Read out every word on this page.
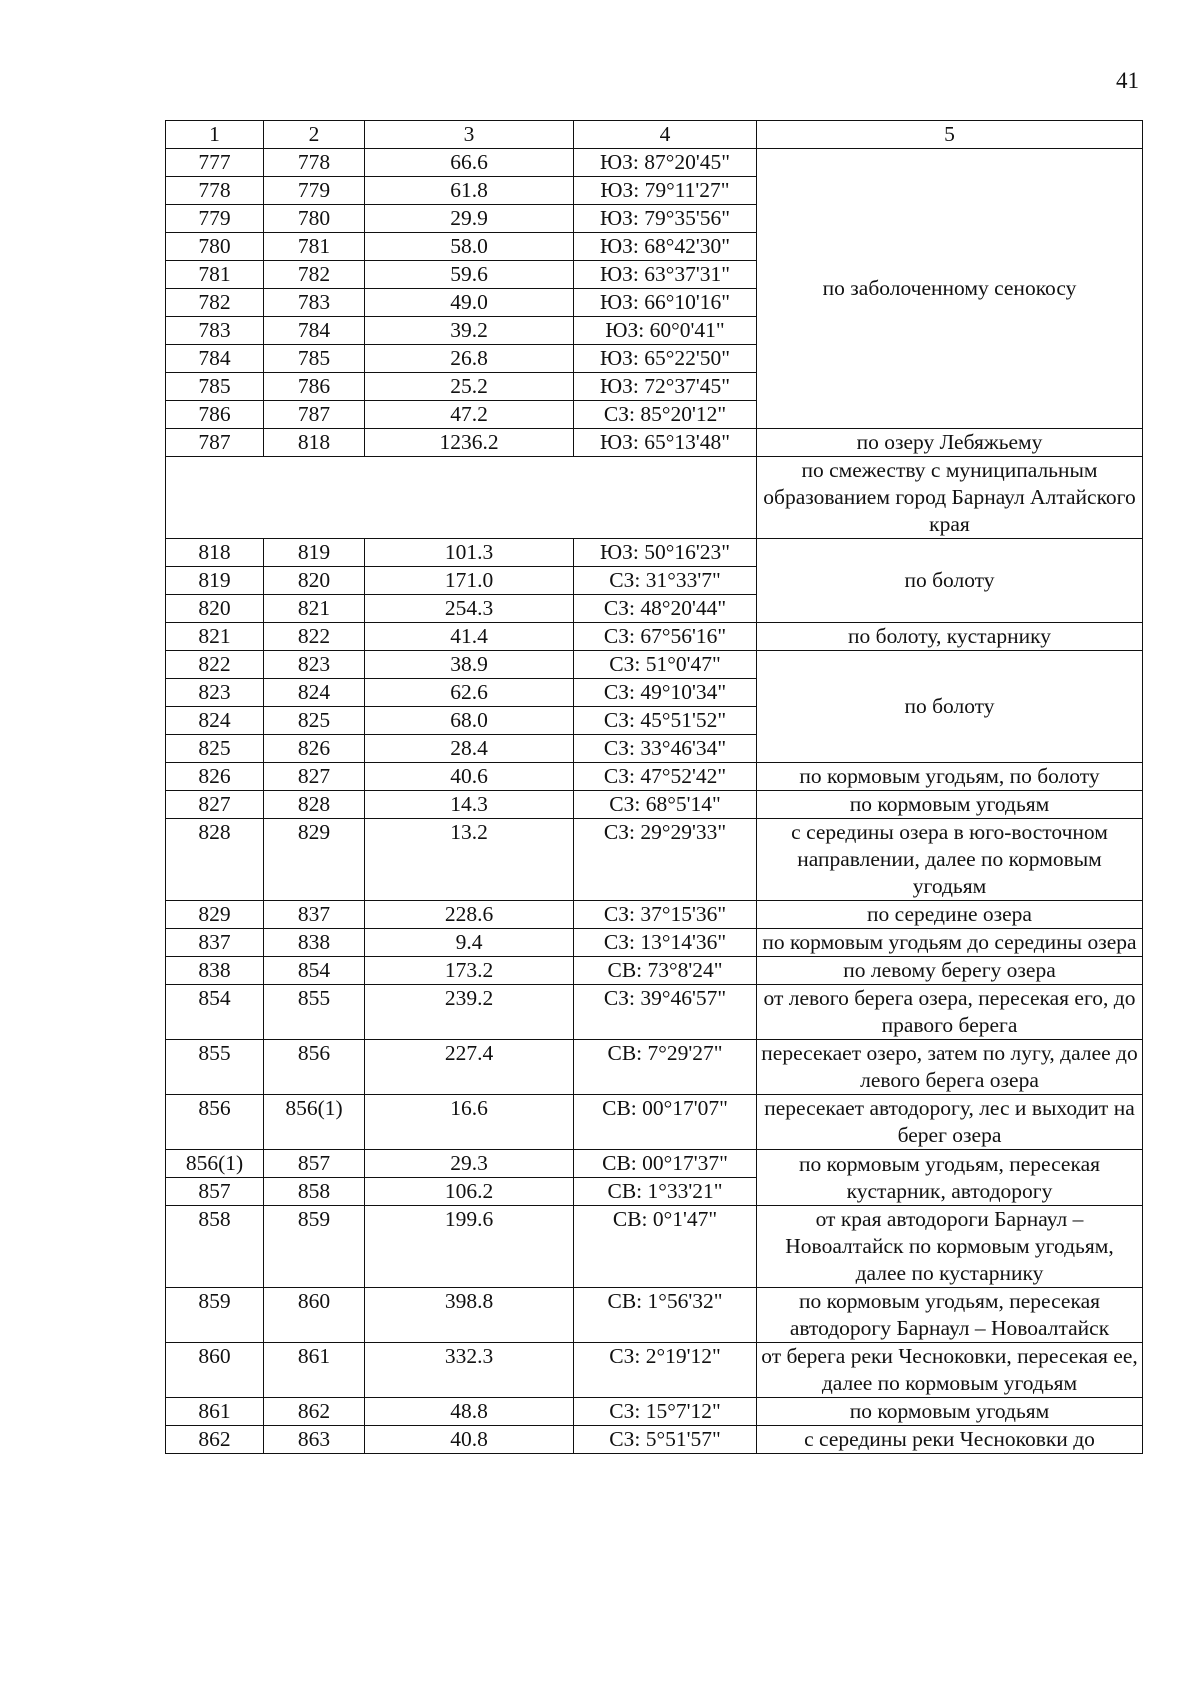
41
1	2	3	4	5
777	778	66.6	ЮЗ: 87°20'45"	по заболоченному сенокосу
778	779	61.8	ЮЗ: 79°11'27"	
779	780	29.9	ЮЗ: 79°35'56"	
780	781	58.0	ЮЗ: 68°42'30"	
781	782	59.6	ЮЗ: 63°37'31"	
782	783	49.0	ЮЗ: 66°10'16"	
783	784	39.2	ЮЗ: 60°0'41"	
784	785	26.8	ЮЗ: 65°22'50"	
785	786	25.2	ЮЗ: 72°37'45"	
786	787	47.2	СЗ: 85°20'12"	
787	818	1236.2	ЮЗ: 65°13'48"	по озеру Лебяжьему
				по смежеству с муниципальным образованием город Барнаул Алтайского края
818	819	101.3	ЮЗ: 50°16'23"	по болоту
819	820	171.0	СЗ: 31°33'7"	
820	821	254.3	СЗ: 48°20'44"	
821	822	41.4	СЗ: 67°56'16"	по болоту, кустарнику
822	823	38.9	СЗ: 51°0'47"	по болоту
823	824	62.6	СЗ: 49°10'34"	
824	825	68.0	СЗ: 45°51'52"	
825	826	28.4	СЗ: 33°46'34"	
826	827	40.6	СЗ: 47°52'42"	по кормовым угодьям, по болоту
827	828	14.3	СЗ: 68°5'14"	по кормовым угодьям
828	829	13.2	СЗ: 29°29'33"	с середины озера в юго-восточном направлении, далее по кормовым угодьям
829	837	228.6	СЗ: 37°15'36"	по середине озера
837	838	9.4	СЗ: 13°14'36"	по кормовым угодьям до середины озера
838	854	173.2	СВ: 73°8'24"	по левому берегу озера
854	855	239.2	СЗ: 39°46'57"	от левого берега озера, пересекая его, до правого берега
855	856	227.4	СВ: 7°29'27"	пересекает озеро, затем по лугу, далее до левого берега озера
856	856(1)	16.6	СВ: 00°17'07"	пересекает автодорогу, лес и выходит на берег озера
856(1)	857	29.3	СВ: 00°17'37"	по кормовым угодьям, пересекая кустарник, автодорогу
857	858	106.2	СВ: 1°33'21"	
858	859	199.6	СВ: 0°1'47"	от края автодороги Барнаул – Новоалтайск по кормовым угодьям, далее по кустарнику
859	860	398.8	СВ: 1°56'32"	по кормовым угодьям, пересекая автодорогу Барнаул – Новоалтайск
860	861	332.3	СЗ: 2°19'12"	от берега реки Чесноковки, пересекая ее, далее по кормовым угодьям
861	862	48.8	СЗ: 15°7'12"	по кормовым угодьям
862	863	40.8	СЗ: 5°51'57"	с середины реки Чесноковки до
